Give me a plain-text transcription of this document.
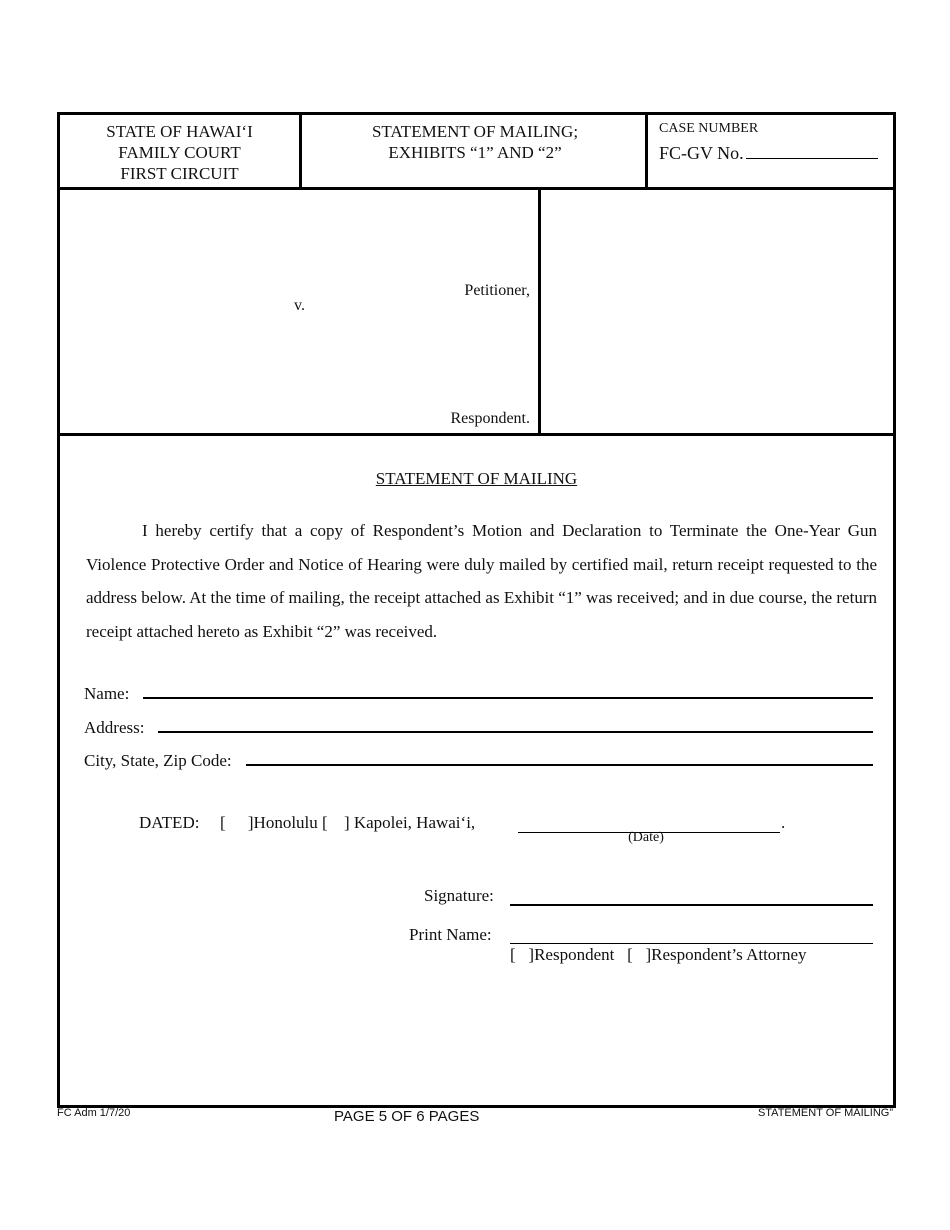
STATE OF HAWAI‘I
FAMILY COURT
FIRST CIRCUIT
STATEMENT OF MAILING;
EXHIBITS “1” AND “2”
CASE NUMBER
FC-GV No.
Petitioner,
v.
Respondent.
STATEMENT OF MAILING
I hereby certify that a copy of Respondent’s Motion and Declaration to Terminate the One-Year Gun Violence Protective Order and Notice of Hearing were duly mailed by certified mail, return receipt requested to the address below. At the time of mailing, the receipt attached as Exhibit “1” was received; and in due course, the return receipt attached hereto as Exhibit “2” was received.
Name:
Address:
City, State, Zip Code:
DATED: [ ]Honolulu [ ] Kapolei, Hawai‘i,	.
(Date)
Signature:
Print Name:
[   ]Respondent   [   ]Respondent’s Attorney
FC Adm 1/7/20	PAGE 5 OF 6 PAGES	STATEMENT OF MAILING”
